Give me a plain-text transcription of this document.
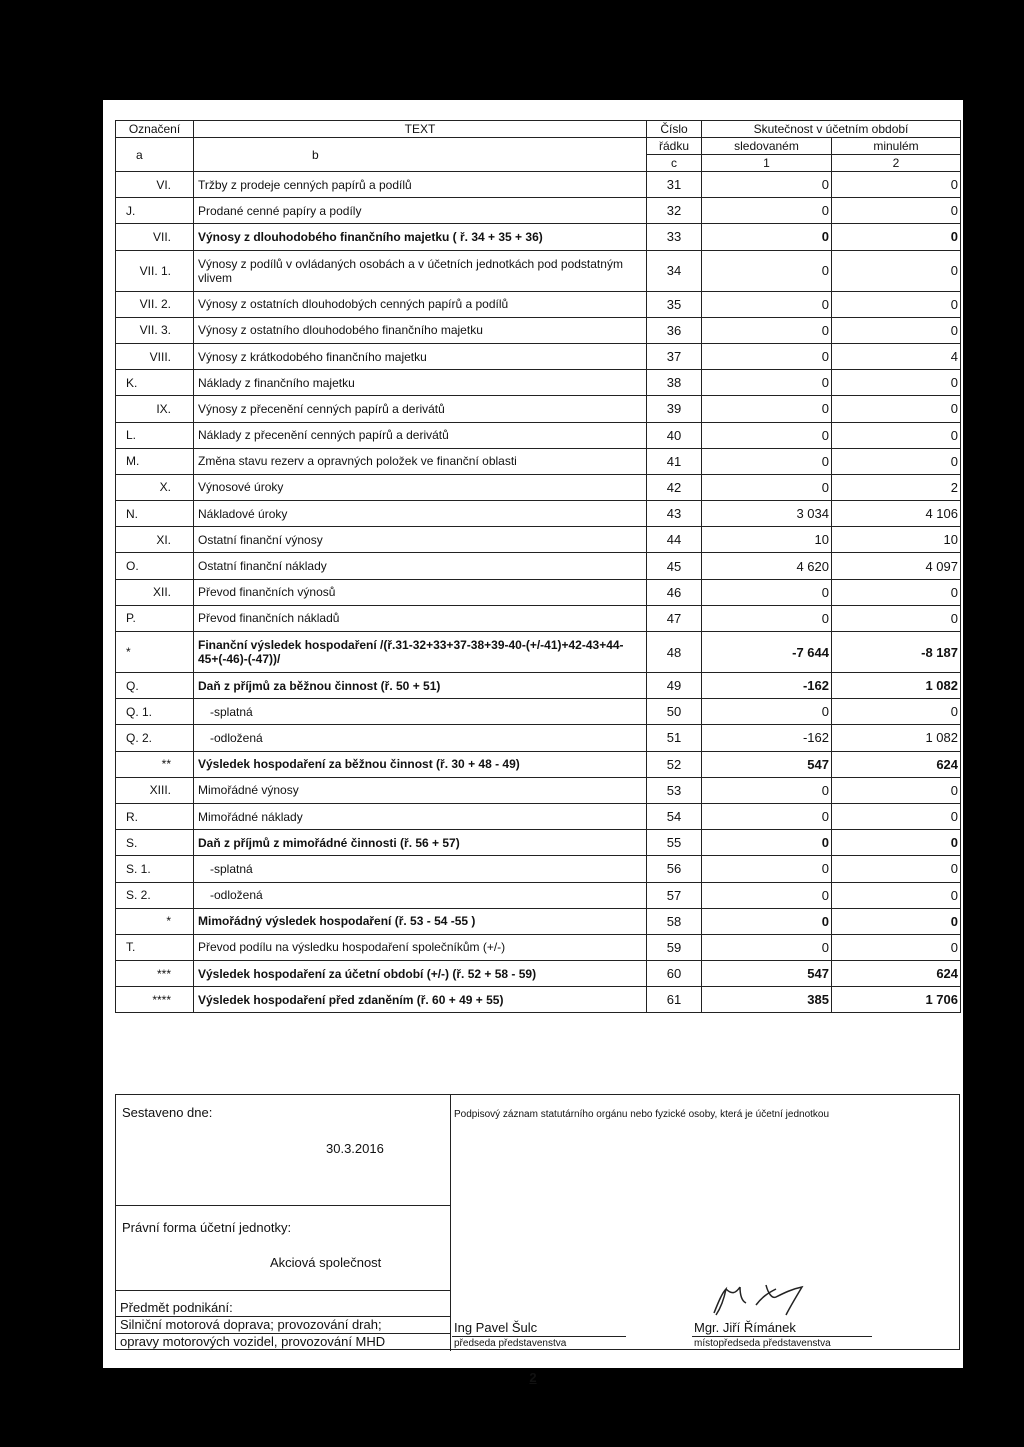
Označení	TEXT	Číslo	Skutečnost v účetním období	
a	b	řádku	sledovaném	minulém
		c	1	2
VI.	Tržby z prodeje cenných papírů a podílů	31	0	0
J.	Prodané cenné papíry a podíly	32	0	0
VII.	Výnosy z dlouhodobého finančního majetku ( ř. 34 + 35 + 36)	33	0	0
VII. 1.	Výnosy z podílů v ovládaných osobách a v účetních jednotkách pod podstatným vlivem	34	0	0
VII. 2.	Výnosy z ostatních dlouhodobých cenných papírů a podílů	35	0	0
VII. 3.	Výnosy z ostatního dlouhodobého finančního majetku	36	0	0
VIII.	Výnosy z krátkodobého finančního majetku	37	0	4
K.	Náklady z finančního majetku	38	0	0
IX.	Výnosy z přecenění cenných papírů a derivátů	39	0	0
L.	Náklady z přecenění cenných papírů a derivátů	40	0	0
M.	Změna stavu rezerv a opravných položek ve finanční oblasti	41	0	0
X.	Výnosové úroky	42	0	2
N.	Nákladové úroky	43	3 034	4 106
XI.	Ostatní finanční výnosy	44	10	10
O.	Ostatní finanční náklady	45	4 620	4 097
XII.	Převod finančních výnosů	46	0	0
P.	Převod finančních nákladů	47	0	0
*	Finanční výsledek hospodaření /(ř.31-32+33+37-38+39-40-(+/-41)+42-43+44-45+(-46)-(-47))/	48	-7 644	-8 187
Q.	Daň z příjmů za běžnou činnost (ř. 50 + 51)	49	-162	1 082
Q. 1.	-splatná	50	0	0
Q. 2.	-odložená	51	-162	1 082
**	Výsledek hospodaření za běžnou činnost (ř. 30 + 48 - 49)	52	547	624
XIII.	Mimořádné výnosy	53	0	0
R.	Mimořádné náklady	54	0	0
S.	Daň z příjmů z mimořádné činnosti (ř. 56 + 57)	55	0	0
S. 1.	-splatná	56	0	0
S. 2.	-odložená	57	0	0
*	Mimořádný výsledek hospodaření (ř. 53 - 54 -55 )	58	0	0
T.	Převod podílu na výsledku hospodaření společníkům (+/-)	59	0	0
***	Výsledek hospodaření za účetní období (+/-) (ř. 52 + 58 - 59)	60	547	624
****	Výsledek hospodaření před zdaněním (ř. 60 + 49 + 55)	61	385	1 706
Sestaveno dne:
30.3.2016
Podpisový záznam statutárního orgánu nebo fyzické osoby, která je účetní jednotkou
Právní forma účetní jednotky:
Akciová společnost
Předmět podnikání:
Silniční motorová doprava; provozování drah;
opravy motorových vozidel, provozování MHD
Ing Pavel Šulc
předseda představenstva
Mgr. Jiří Římánek
místopředseda představenstva
2
